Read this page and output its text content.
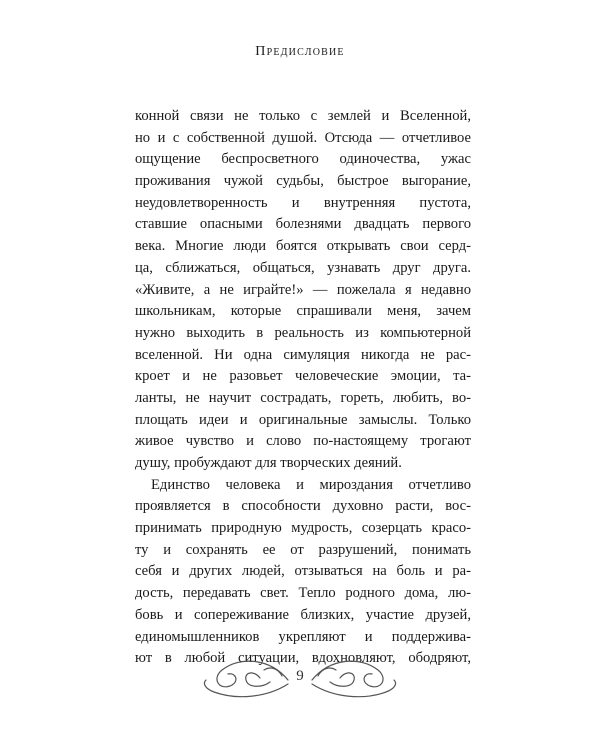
Предисловие
конной связи не только с землей и Вселенной,
но и с собственной душой. Отсюда — отчетливое
ощущение беспросветного одиночества, ужас
проживания чужой судьбы, быстрое выгорание,
неудовлетворенность и внутренняя пустота,
ставшие опасными болезнями двадцать первого
века. Многие люди боятся открывать свои серд-
ца, сближаться, общаться, узнавать друг друга.
«Живите, а не играйте!» — пожелала я недавно
школьникам, которые спрашивали меня, зачем
нужно выходить в реальность из компьютерной
вселенной. Ни одна симуляция никогда не рас-
кроет и не разовьет человеческие эмоции, та-
ланты, не научит сострадать, гореть, любить, во-
площать идеи и оригинальные замыслы. Только
живое чувство и слово по-настоящему трогают
душу, пробуждают для творческих деяний.
Единство человека и мироздания отчетливо
проявляется в способности духовно расти, вос-
принимать природную мудрость, созерцать красо-
ту и сохранять ее от разрушений, понимать
себя и других людей, отзываться на боль и ра-
дость, передавать свет. Тепло родного дома, лю-
бовь и сопереживание близких, участие друзей,
единомышленников укрепляют и поддержива-
ют в любой ситуации, вдохновляют, ободряют,
9
